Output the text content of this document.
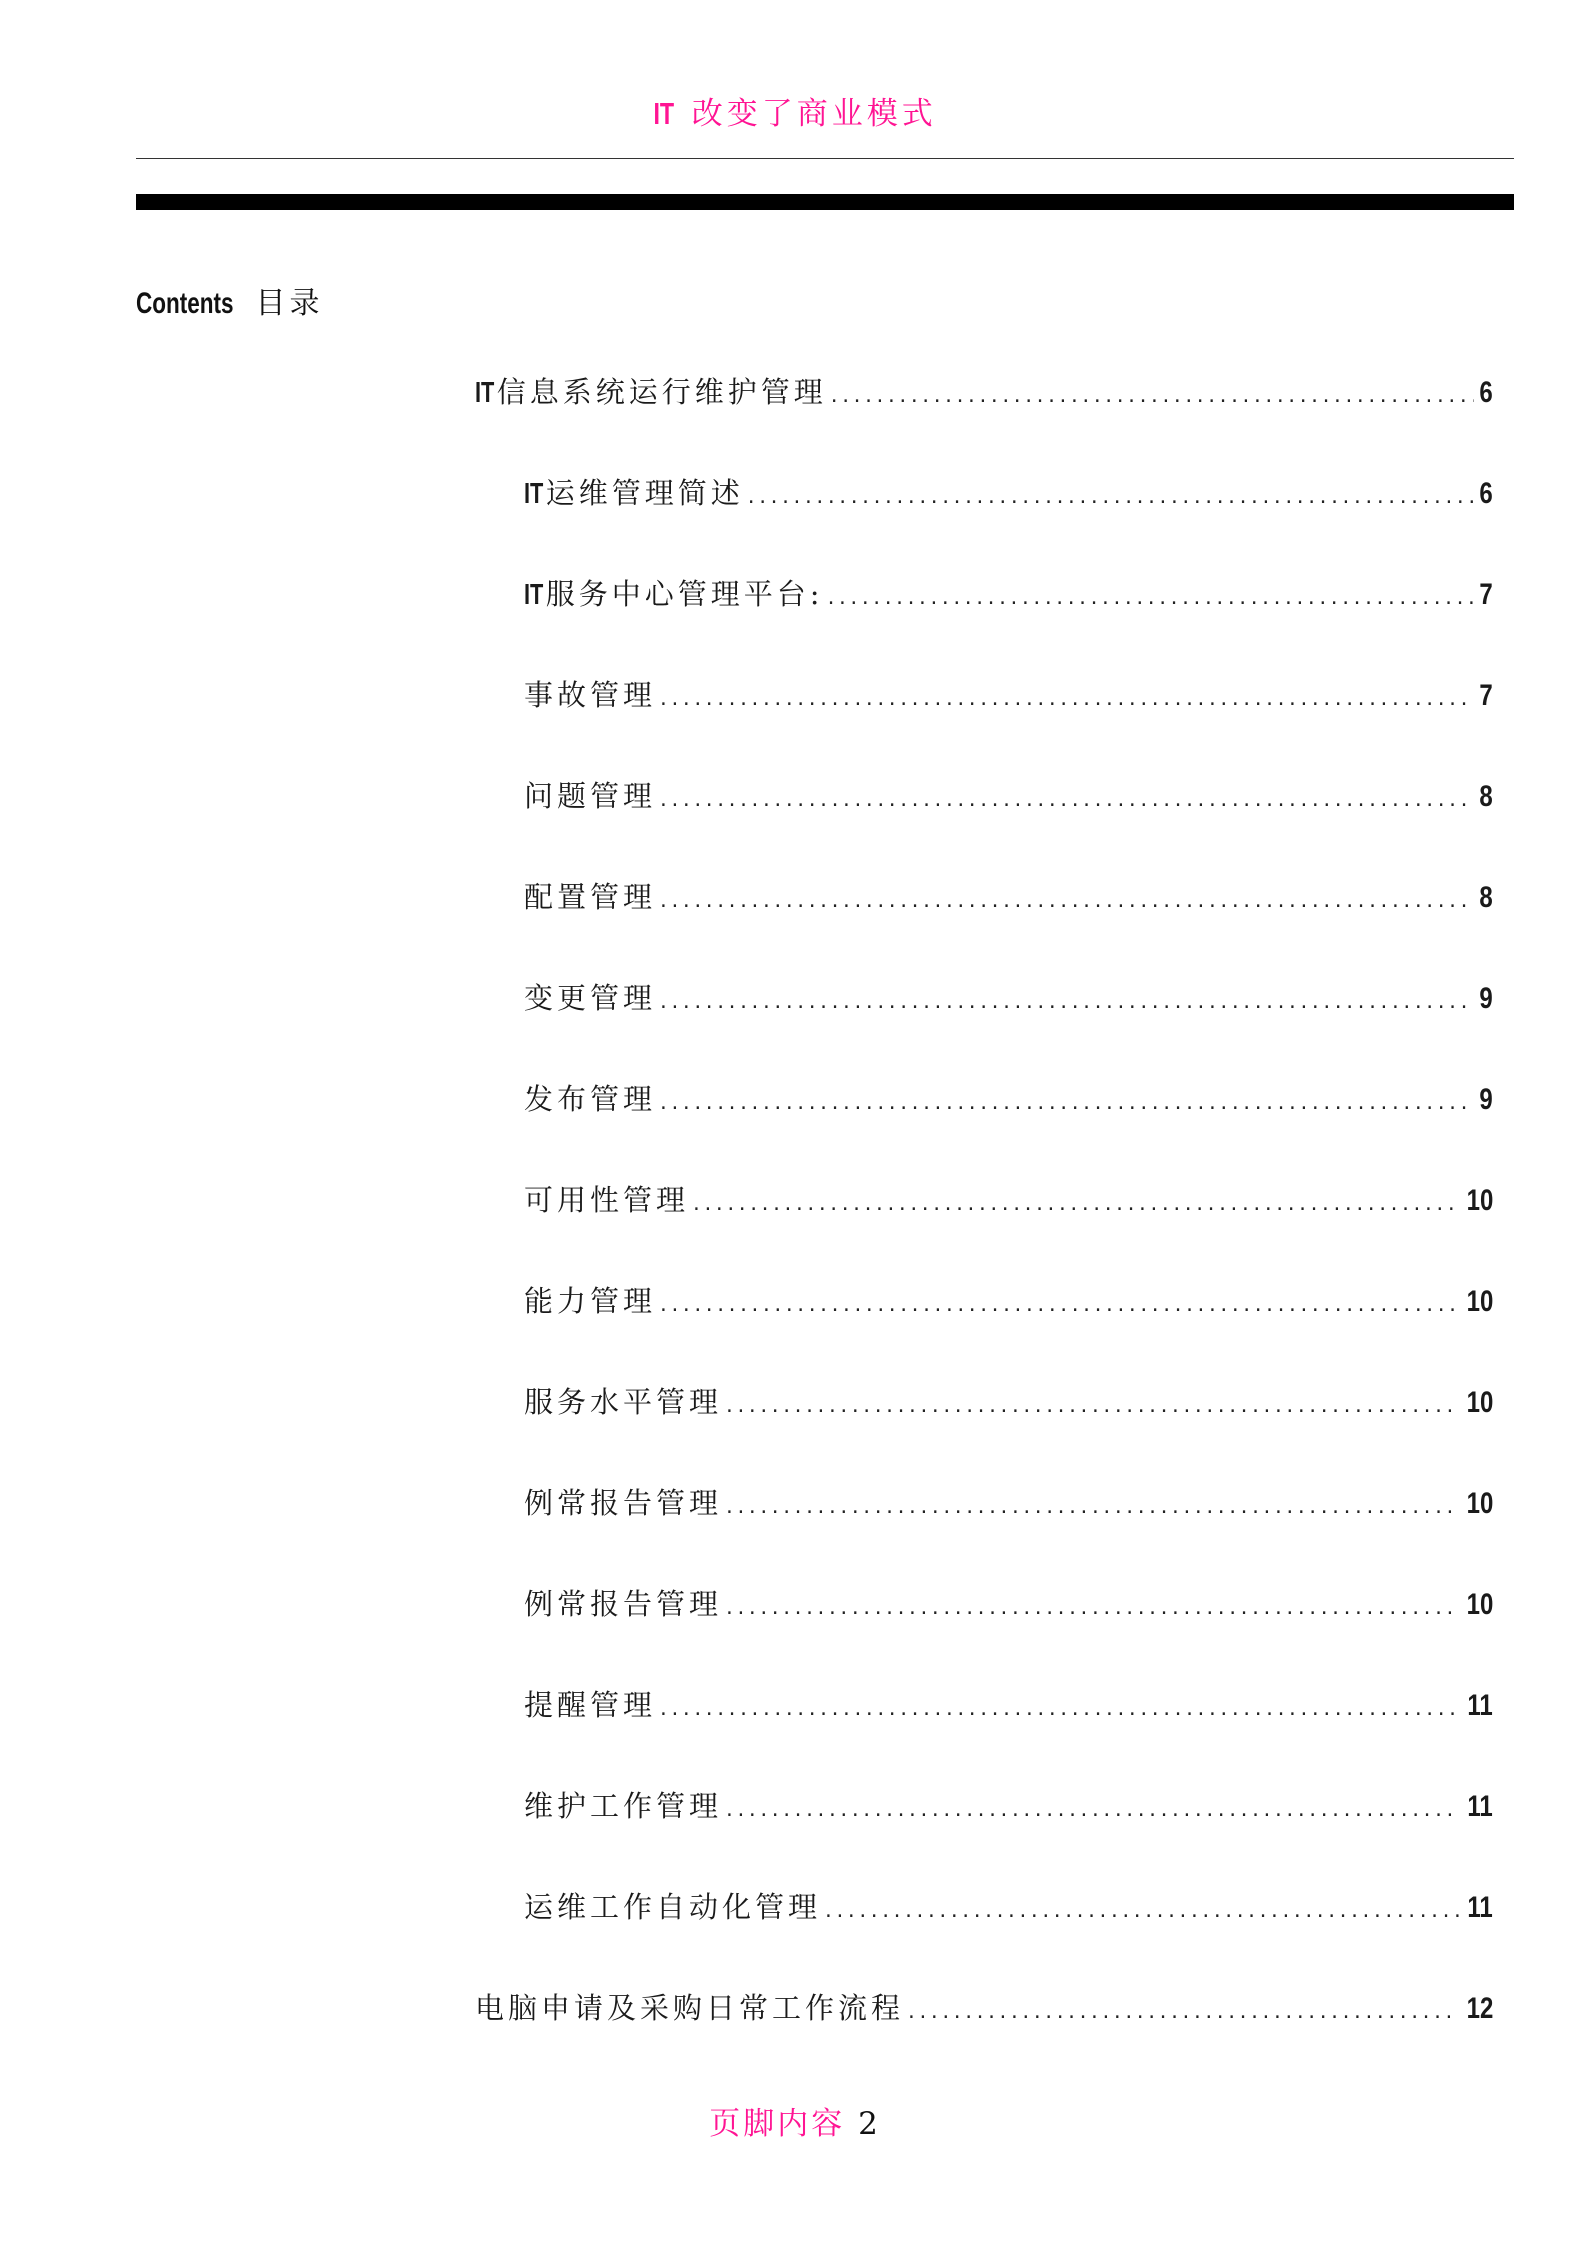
IT 改变了商业模式
Contents 目录
IT信息系统运行维护管理 .....	6
IT运维管理简述 .....	6
IT服务中心管理平台: .....	7
事故管理 .....	7
问题管理 .....	8
配置管理 .....	8
变更管理 .....	9
发布管理 .....	9
可用性管理 .....	10
能力管理 .....	10
服务水平管理 .....	10
例常报告管理 .....	10
例常报告管理 .....	10
提醒管理 .....	11
维护工作管理 .....	11
运维工作自动化管理 .....	11
电脑申请及采购日常工作流程 .....	12
页脚内容 2
